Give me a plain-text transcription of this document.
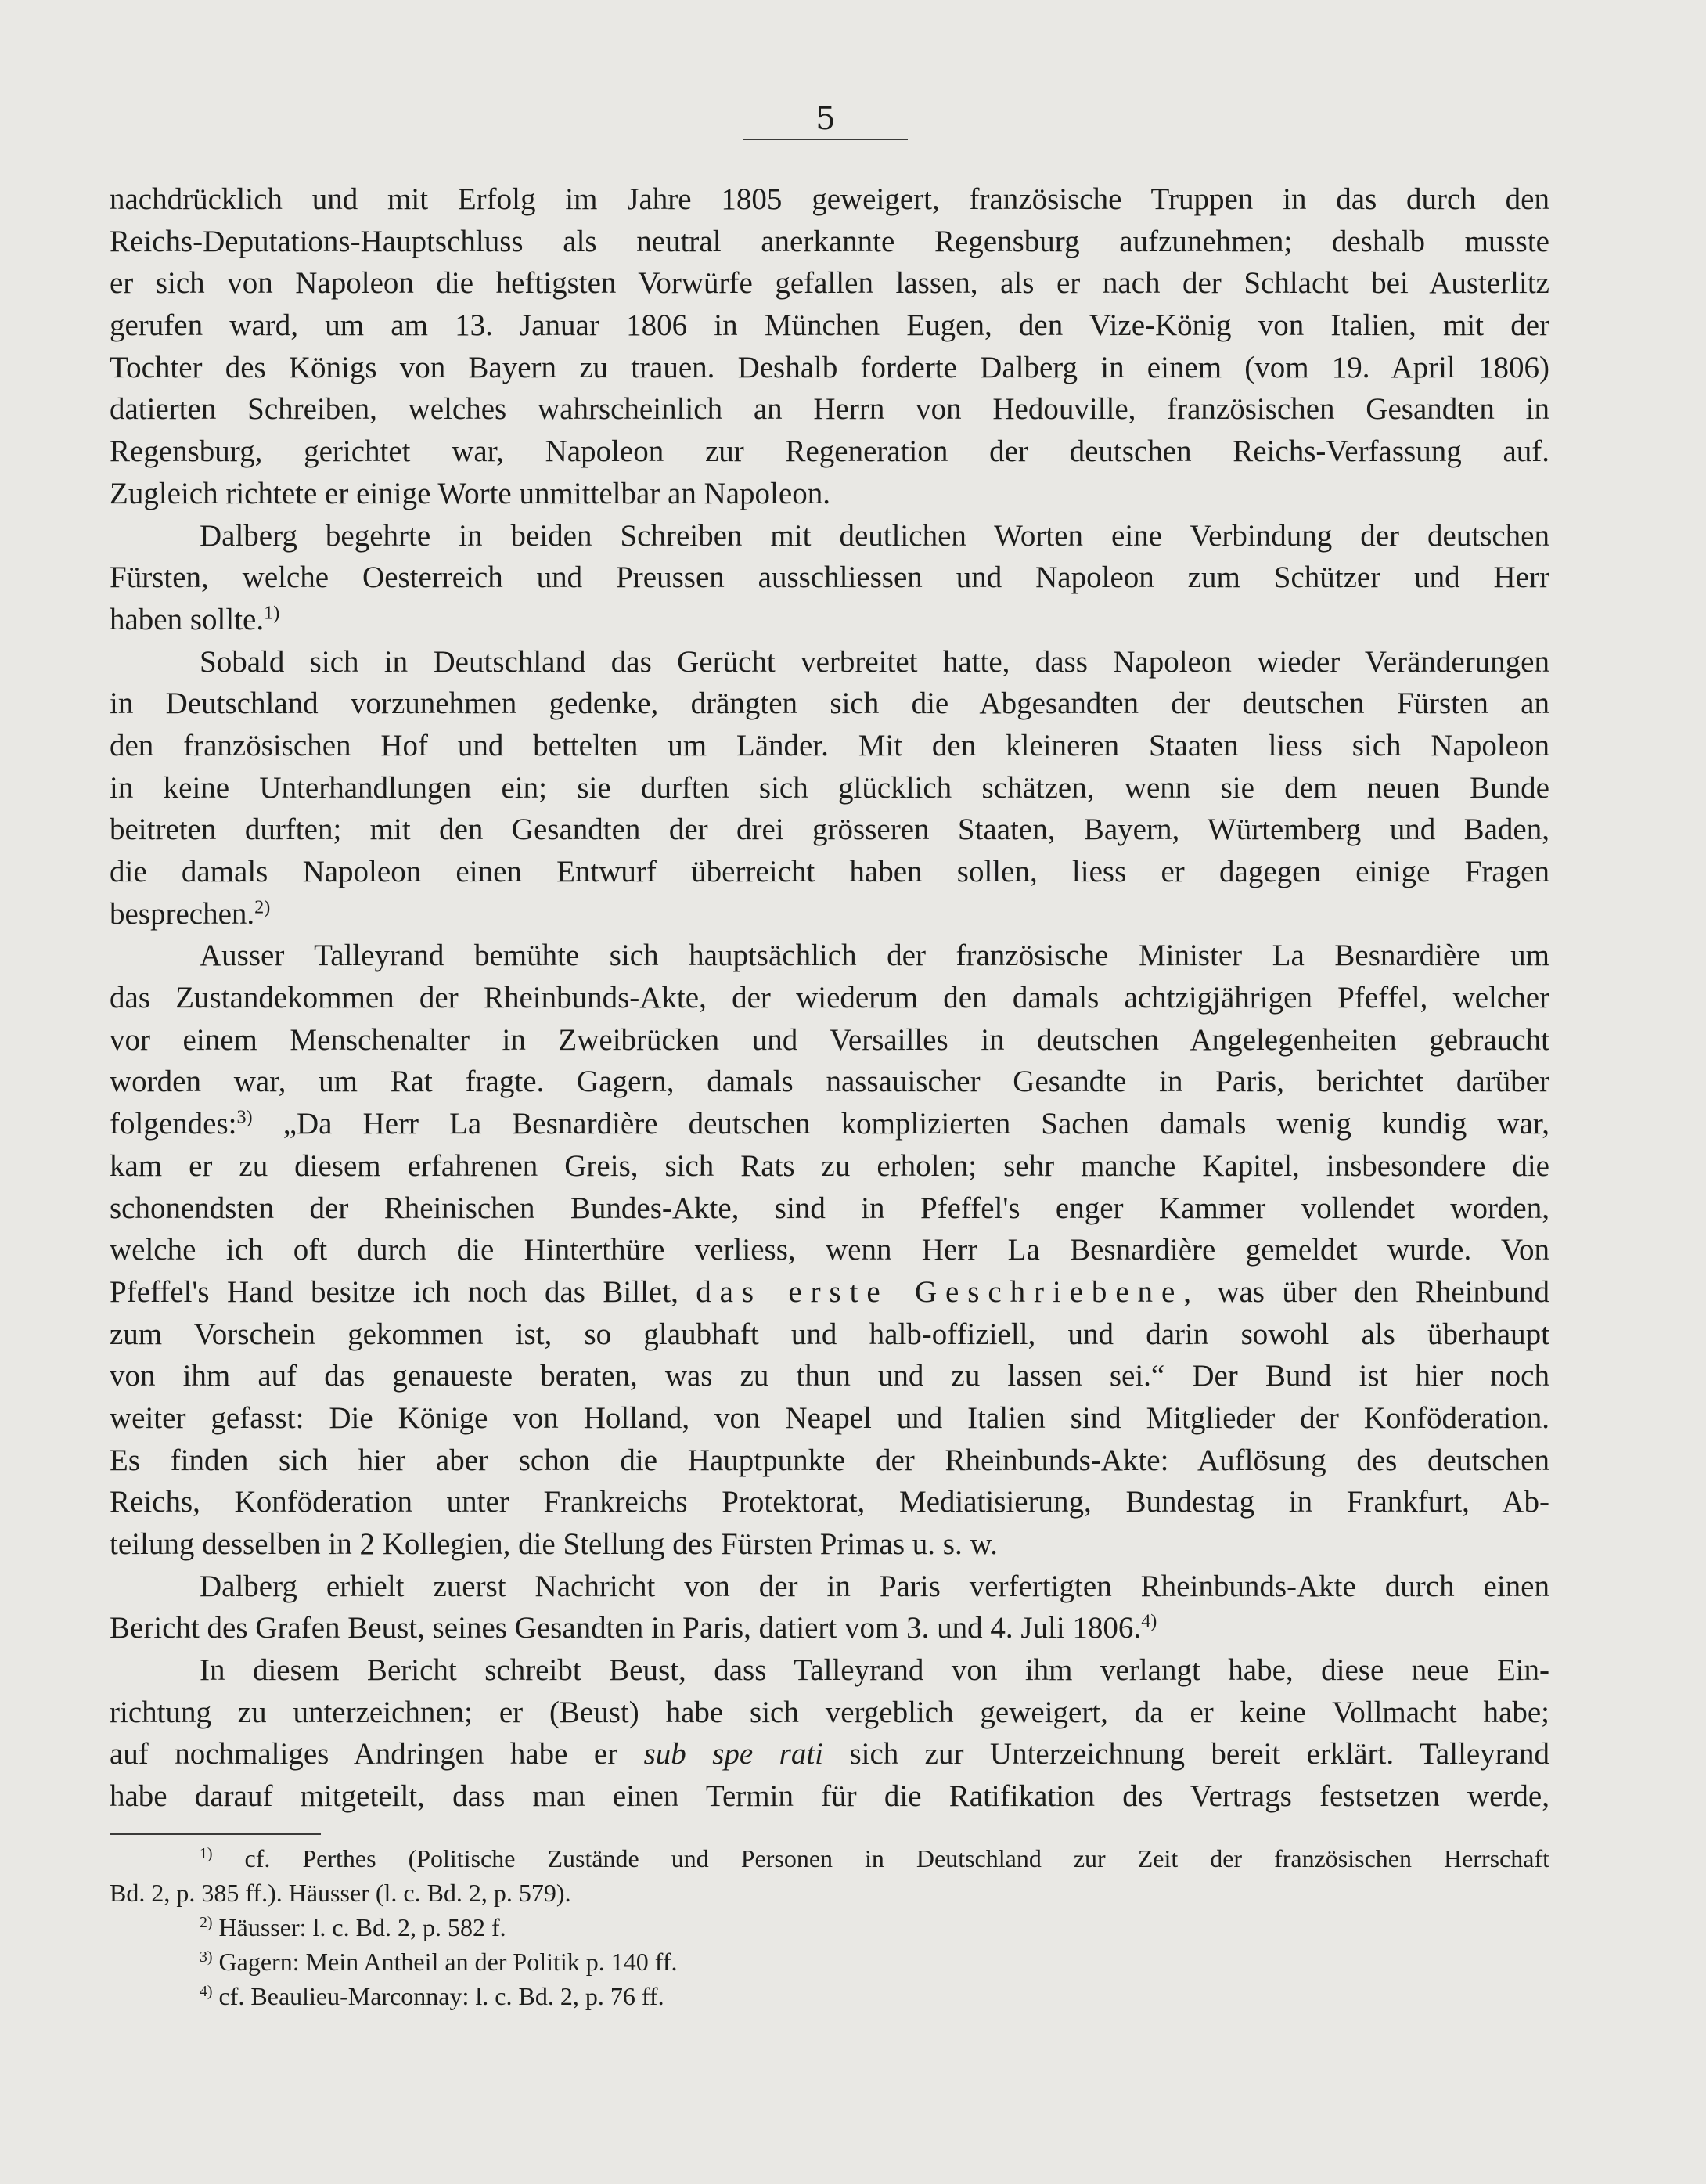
5
nachdrücklich und mit Erfolg im Jahre 1805 geweigert, französische Truppen in das durch den
Reichs-Deputations-Hauptschluss als neutral anerkannte Regensburg aufzunehmen; deshalb musste
er sich von Napoleon die heftigsten Vorwürfe gefallen lassen, als er nach der Schlacht bei Austerlitz
gerufen ward, um am 13. Januar 1806 in München Eugen, den Vize-König von Italien, mit der
Tochter des Königs von Bayern zu trauen. Deshalb forderte Dalberg in einem (vom 19. April 1806)
datierten Schreiben, welches wahrscheinlich an Herrn von Hedouville, französischen Gesandten in
Regensburg, gerichtet war, Napoleon zur Regeneration der deutschen Reichs-Verfassung auf.
Zugleich richtete er einige Worte unmittelbar an Napoleon.
Dalberg begehrte in beiden Schreiben mit deutlichen Worten eine Verbindung der deutschen
Fürsten, welche Oesterreich und Preussen ausschliessen und Napoleon zum Schützer und Herr
haben sollte.$^{1)}$
Sobald sich in Deutschland das Gerücht verbreitet hatte, dass Napoleon wieder Veränderungen
in Deutschland vorzunehmen gedenke, drängten sich die Abgesandten der deutschen Fürsten an
den französischen Hof und bettelten um Länder. Mit den kleineren Staaten liess sich Napoleon
in keine Unterhandlungen ein; sie durften sich glücklich schätzen, wenn sie dem neuen Bunde
beitreten durften; mit den Gesandten der drei grösseren Staaten, Bayern, Würtemberg und Baden,
die damals Napoleon einen Entwurf überreicht haben sollen, liess er dagegen einige Fragen
besprechen.$^{2)}$
Ausser Talleyrand bemühte sich hauptsächlich der französische Minister La Besnardière um
das Zustandekommen der Rheinbunds-Akte, der wiederum den damals achtzigjährigen Pfeffel, welcher
vor einem Menschenalter in Zweibrücken und Versailles in deutschen Angelegenheiten gebraucht
worden war, um Rat fragte. Gagern, damals nassauischer Gesandte in Paris, berichtet darüber
folgendes:$^{3)}$ „Da Herr La Besnardière deutschen komplizierten Sachen damals wenig kundig war,
kam er zu diesem erfahrenen Greis, sich Rats zu erholen; sehr manche Kapitel, insbesondere die
schonendsten der Rheinischen Bundes-Akte, sind in Pfeffel's enger Kammer vollendet worden,
welche ich oft durch die Hinterthüre verliess, wenn Herr La Besnardière gemeldet wurde. Von
Pfeffel's Hand besitze ich noch das Billet, das erste Geschriebene, was über den Rheinbund
zum Vorschein gekommen ist, so glaubhaft und halb-offiziell, und darin sowohl als überhaupt
von ihm auf das genaueste beraten, was zu thun und zu lassen sei.“ Der Bund ist hier noch
weiter gefasst: Die Könige von Holland, von Neapel und Italien sind Mitglieder der Konföderation.
Es finden sich hier aber schon die Hauptpunkte der Rheinbunds-Akte: Auflösung des deutschen
Reichs, Konföderation unter Frankreichs Protektorat, Mediatisierung, Bundestag in Frankfurt, Ab-
teilung desselben in 2 Kollegien, die Stellung des Fürsten Primas u. s. w.
Dalberg erhielt zuerst Nachricht von der in Paris verfertigten Rheinbunds-Akte durch einen
Bericht des Grafen Beust, seines Gesandten in Paris, datiert vom 3. und 4. Juli 1806.$^{4)}$
In diesem Bericht schreibt Beust, dass Talleyrand von ihm verlangt habe, diese neue Ein-
richtung zu unterzeichnen; er (Beust) habe sich vergeblich geweigert, da er keine Vollmacht habe;
auf nochmaliges Andringen habe er sub spe rati sich zur Unterzeichnung bereit erklärt. Talleyrand
habe darauf mitgeteilt, dass man einen Termin für die Ratifikation des Vertrags festsetzen werde,
$^{1)}$ cf. Perthes (Politische Zustände und Personen in Deutschland zur Zeit der französischen Herrschaft
Bd. 2, p. 385 ff.). Häusser (l. c. Bd. 2, p. 579).
$^{2)}$ Häusser: l. c. Bd. 2, p. 582 f.
$^{3)}$ Gagern: Mein Antheil an der Politik p. 140 ff.
$^{4)}$ cf. Beaulieu-Marconnay: l. c. Bd. 2, p. 76 ff.
